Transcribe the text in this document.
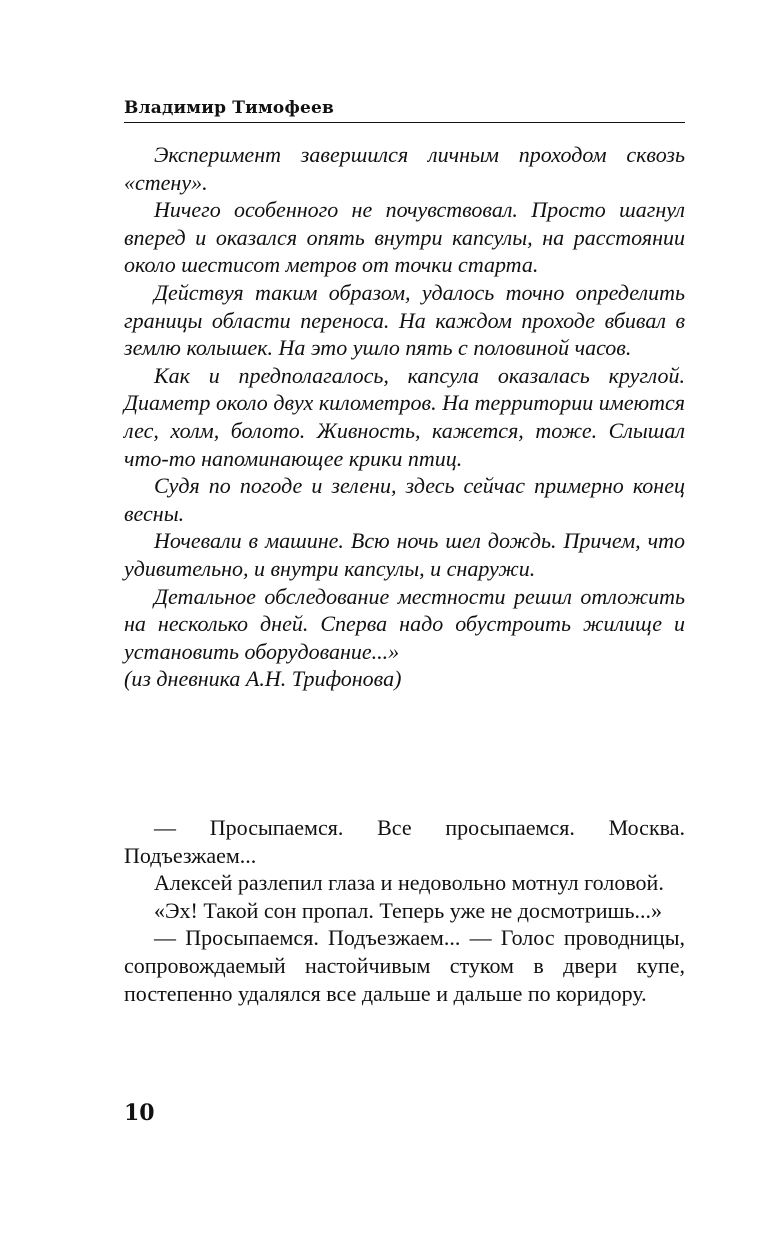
Владимир Тимофеев

Эксперимент завершился личным проходом сквозь «стену».

Ничего особенного не почувствовал. Просто шагнул вперед и оказался опять внутри капсулы, на расстоянии около шестисот метров от точки старта.

Действуя таким образом, удалось точно определить границы области переноса. На каждом проходе вбивал в землю колышек. На это ушло пять с половиной часов.

Как и предполагалось, капсула оказалась круглой. Диаметр около двух километров. На территории имеются лес, холм, болото. Живность, кажется, тоже. Слышал что-то напоминающее крики птиц.

Судя по погоде и зелени, здесь сейчас примерно конец весны.

Ночевали в машине. Всю ночь шел дождь. Причем, что удивительно, и внутри капсулы, и снаружи.

Детальное обследование местности решил отложить на несколько дней. Сперва надо обустроить жилище и установить оборудование...»

(из дневника А.Н. Трифонова)

— Просыпаемся. Все просыпаемся. Москва. Подъезжаем...

Алексей разлепил глаза и недовольно мотнул головой.

«Эх! Такой сон пропал. Теперь уже не досмотришь...»

— Просыпаемся. Подъезжаем... — Голос проводницы, сопровождаемый настойчивым стуком в двери купе, постепенно удалялся все дальше и дальше по коридору.

10
